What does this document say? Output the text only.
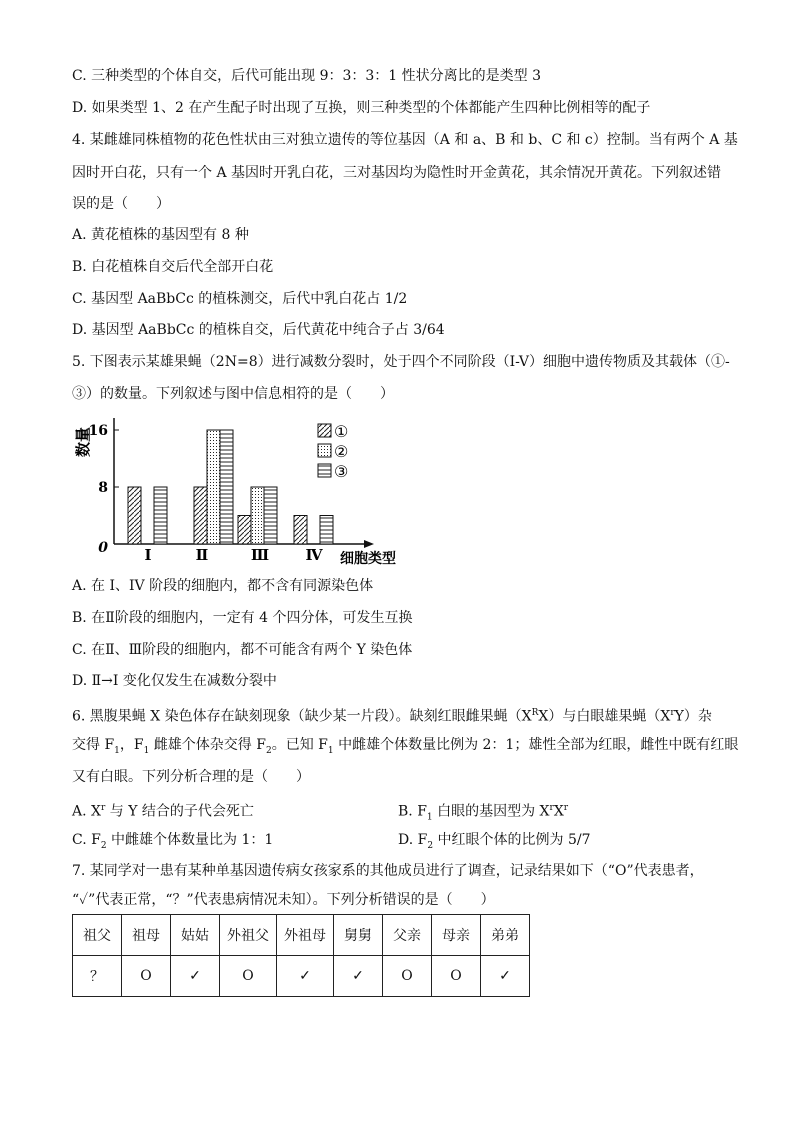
C. 三种类型的个体自交，后代可能出现 9：3：3：1 性状分离比的是类型 3
D. 如果类型 1、2 在产生配子时出现了互换，则三种类型的个体都能产生四种比例相等的配子
4. 某雌雄同株植物的花色性状由三对独立遗传的等位基因（A 和 a、B 和 b、C 和 c）控制。当有两个 A 基
因时开白花，只有一个 A 基因时开乳白花，三对基因均为隐性时开金黄花，其余情况开黄花。下列叙述错
误的是（　　）
A. 黄花植株的基因型有 8 种
B. 白花植株自交后代全部开白花
C. 基因型 AaBbCc 的植株测交，后代中乳白花占 1/2
D. 基因型 AaBbCc 的植株自交，后代黄花中纯合子占 3/64
5. 下图表示某雄果蝇（2N=8）进行减数分裂时，处于四个不同阶段（I-V）细胞中遗传物质及其载体（①-
③）的数量。下列叙述与图中信息相符的是（　　）
数量
细胞类型
0
8
16
Ⅰ	Ⅱ	Ⅲ Ⅳ
①
②
③
A. 在 I、IV 阶段的细胞内，都不含有同源染色体
B. 在Ⅱ阶段的细胞内，一定有 4 个四分体，可发生互换
C. 在Ⅱ、Ⅲ阶段的细胞内，都不可能含有两个 Y 染色体
D. Ⅱ→I 变化仅发生在减数分裂中
6. 黑腹果蝇 X 染色体存在缺刻现象（缺少某一片段）。缺刻红眼雌果蝇$(X^RX)$与白眼雄果蝇$(X^rY)$杂
交得 $F_1$，$F_1$ 雌雄个体杂交得 $F_2$。已知 $F_1$ 中雌雄个体数量比例为 2：1；雄性全部为红眼，雌性中既有红眼
又有白眼。下列分析合理的是（　　）
A. $X^r$ 与 Y 结合的子代会死亡	B. $F_1$ 白眼的基因型为 $X^rX^r$
C. $F_2$ 中雌雄个体数量比为 1：1	D. $F_2$ 中红眼个体的比例为 5/7
7. 某同学对一患有某种单基因遗传病女孩家系的其他成员进行了调查，记录结果如下（“O”代表患者，
“✓”代表正常，“？”代表患病情况未知）。下列分析错误的是（　　）
祖父	祖母	姑姑	外祖父	外祖母	舅舅	父亲	母亲	弟弟
？	O	✓	O	✓	✓	O	O	✓
